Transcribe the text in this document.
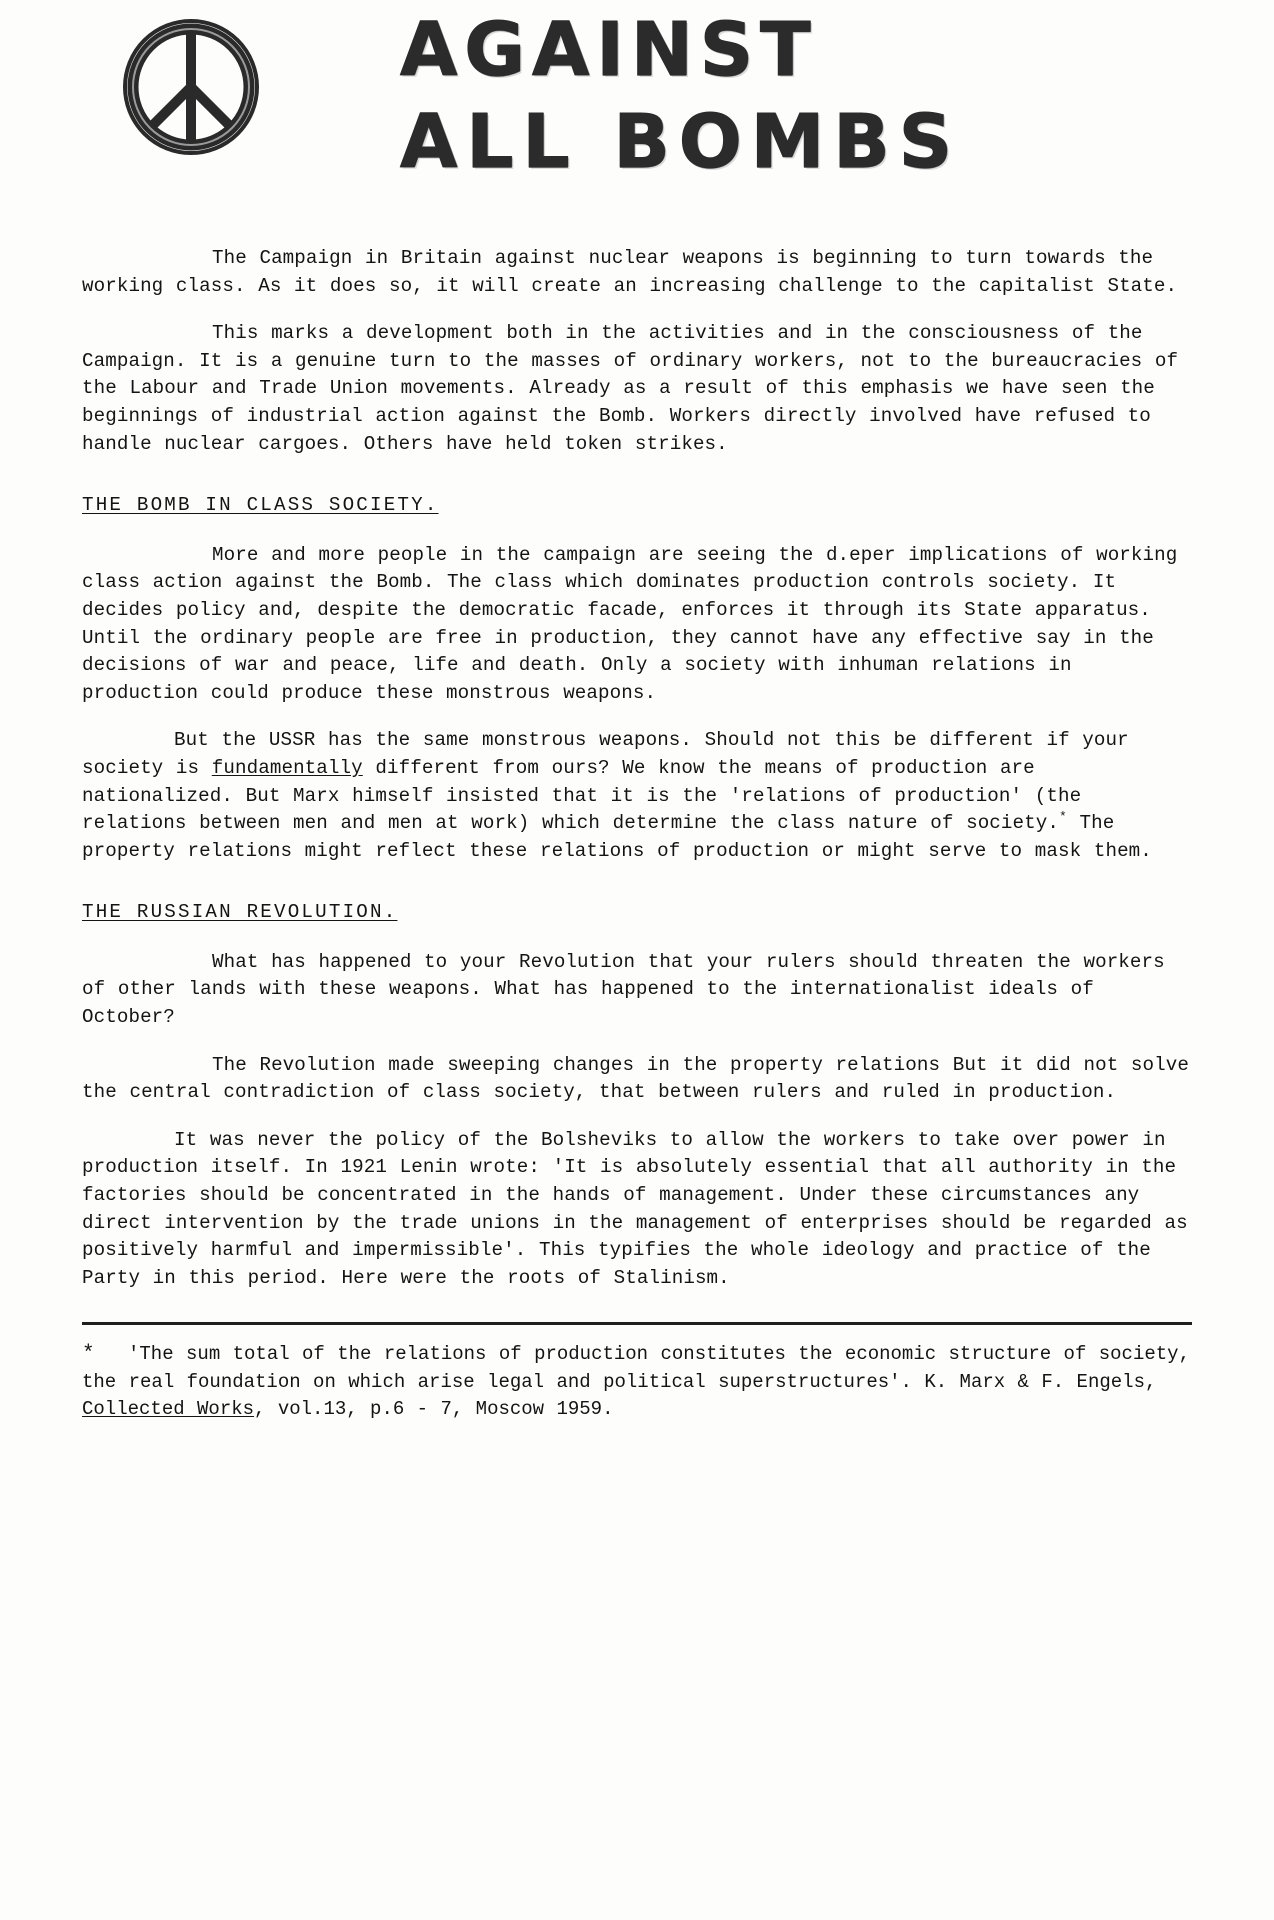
AGAINST
ALL BOMBS

The Campaign in Britain against nuclear weapons is beginning to turn towards the working class. As it does so, it will create an increasing challenge to the capitalist State.

This marks a development both in the activities and in the consciousness of the Campaign. It is a genuine turn to the masses of ordinary workers, not to the bureaucracies of the Labour and Trade Union movements. Already as a result of this emphasis we have seen the beginnings of industrial action against the Bomb. Workers directly involved have refused to handle nuclear cargoes. Others have held token strikes.

THE BOMB IN CLASS SOCIETY.

More and more people in the campaign are seeing the d.eper implications of working class action against the Bomb. The class which dominates production controls society. It decides policy and, despite the democratic facade, enforces it through its State apparatus. Until the ordinary people are free in production, they cannot have any effective say in the decisions of war and peace, life and death. Only a society with inhuman relations in production could produce these monstrous weapons.

But the USSR has the same monstrous weapons. Should not this be different if your society is fundamentally different from ours? We know the means of production are nationalized. But Marx himself insisted that it is the 'relations of production' (the relations between men and men at work) which determine the class nature of society.* The property relations might reflect these relations of production or might serve to mask them.

THE RUSSIAN REVOLUTION.

What has happened to your Revolution that your rulers should threaten the workers of other lands with these weapons. What has happened to the internationalist ideals of October?

The Revolution made sweeping changes in the property relations But it did not solve the central contradiction of class society, that between rulers and ruled in production.

It was never the policy of the Bolsheviks to allow the workers to take over power in production itself. In 1921 Lenin wrote: 'It is absolutely essential that all authority in the factories should be concentrated in the hands of management. Under these circumstances any direct intervention by the trade unions in the management of enterprises should be regarded as positively harmful and impermissible'. This typifies the whole ideology and practice of the Party in this period. Here were the roots of Stalinism.

* 'The sum total of the relations of production constitutes the economic structure of society, the real foundation on which arise legal and political superstructures'. K. Marx & F. Engels, Collected Works, vol.13, p.6 - 7, Moscow 1959.
